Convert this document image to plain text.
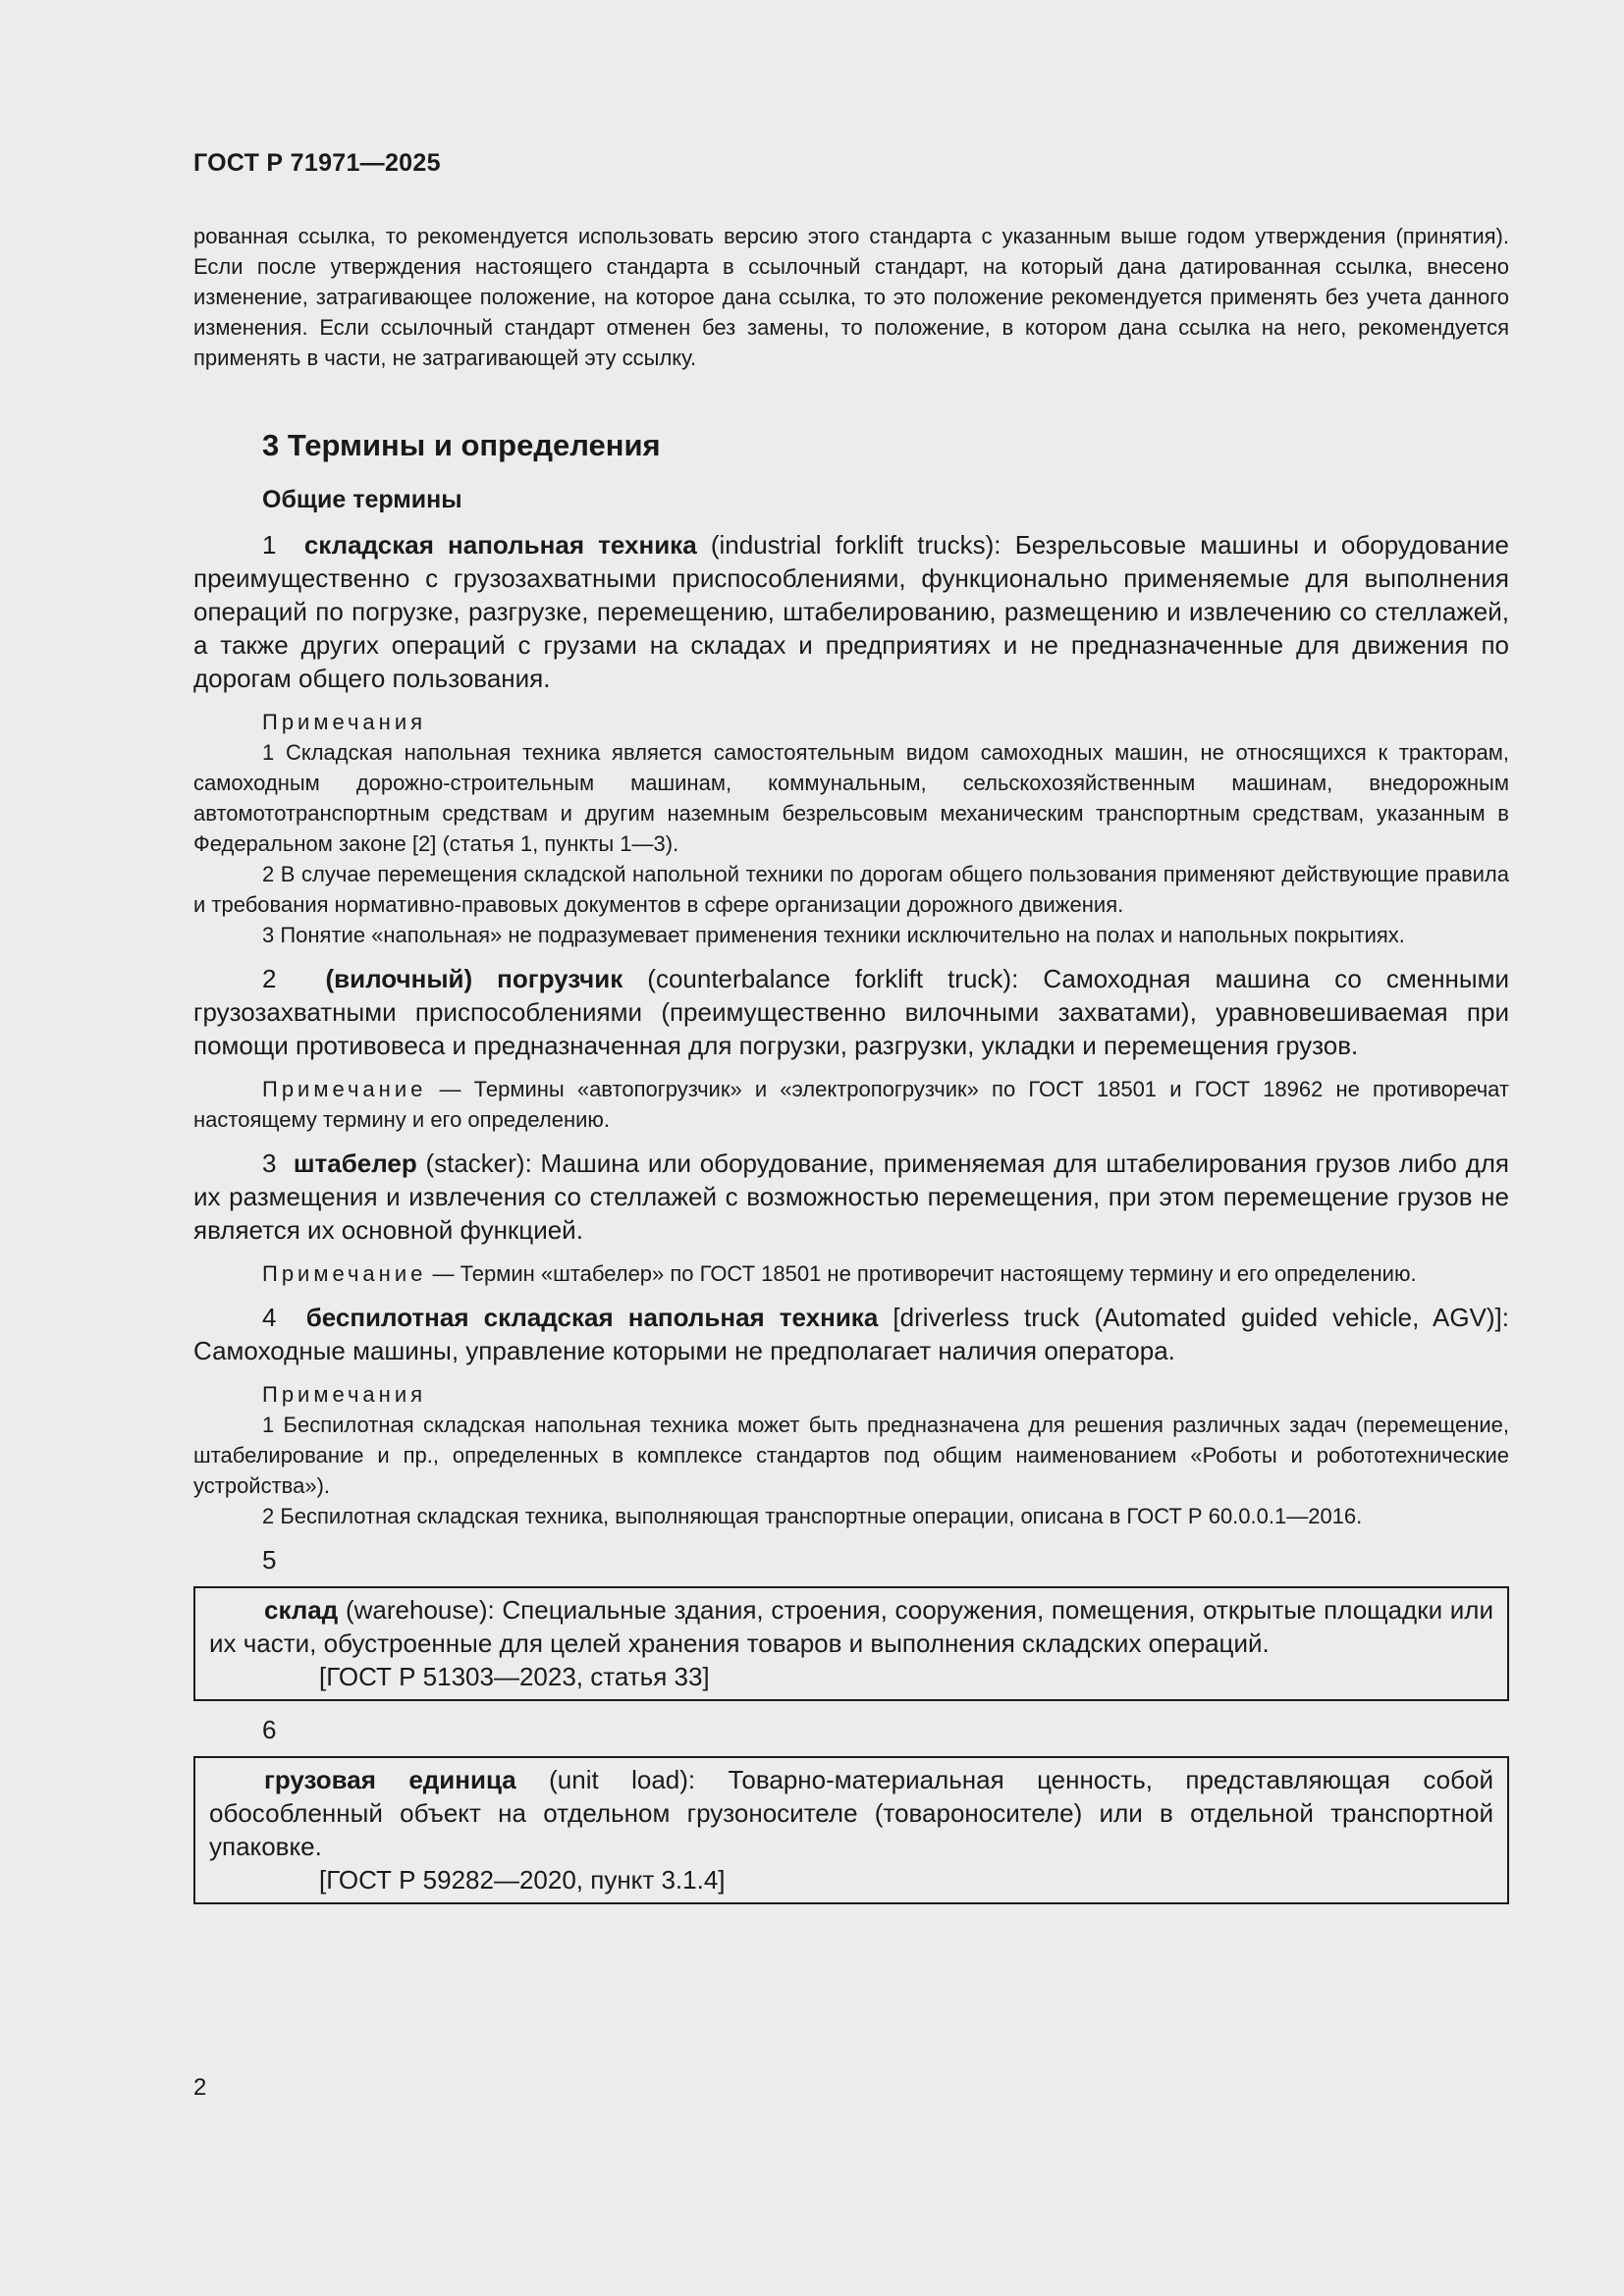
ГОСТ Р 71971—2025

рованная ссылка, то рекомендуется использовать версию этого стандарта с указанным выше годом утверждения (принятия). Если после утверждения настоящего стандарта в ссылочный стандарт, на который дана датированная ссылка, внесено изменение, затрагивающее положение, на которое дана ссылка, то это положение рекомендуется применять без учета данного изменения. Если ссылочный стандарт отменен без замены, то положение, в котором дана ссылка на него, рекомендуется применять в части, не затрагивающей эту ссылку.

3 Термины и определения
Общие термины

1 складская напольная техника (industrial forklift trucks): Безрельсовые машины и оборудование преимущественно с грузозахватными приспособлениями, функционально применяемые для выполнения операций по погрузке, разгрузке, перемещению, штабелированию, размещению и извлечению со стеллажей, а также других операций с грузами на складах и предприятиях и не предназначенные для движения по дорогам общего пользования.

Примечания

1 Складская напольная техника является самостоятельным видом самоходных машин, не относящихся к тракторам, самоходным дорожно-строительным машинам, коммунальным, сельскохозяйственным машинам, внедорожным автомототранспортным средствам и другим наземным безрельсовым механическим транспортным средствам, указанным в Федеральном законе [2] (статья 1, пункты 1—3).

2 В случае перемещения складской напольной техники по дорогам общего пользования применяют действующие правила и требования нормативно-правовых документов в сфере организации дорожного движения.

3 Понятие «напольная» не подразумевает применения техники исключительно на полах и напольных покрытиях.

2 (вилочный) погрузчик (counterbalance forklift truck): Самоходная машина со сменными грузозахватными приспособлениями (преимущественно вилочными захватами), уравновешиваемая при помощи противовеса и предназначенная для погрузки, разгрузки, укладки и перемещения грузов.

Примечание — Термины «автопогрузчик» и «электропогрузчик» по ГОСТ 18501 и ГОСТ 18962 не противоречат настоящему термину и его определению.

3 штабелер (stacker): Машина или оборудование, применяемая для штабелирования грузов либо для их размещения и извлечения со стеллажей с возможностью перемещения, при этом перемещение грузов не является их основной функцией.

Примечание — Термин «штабелер» по ГОСТ 18501 не противоречит настоящему термину и его определению.

4 беспилотная складская напольная техника [driverless truck (Automated guided vehicle, AGV)]: Самоходные машины, управление которыми не предполагает наличия оператора.

Примечания

1 Беспилотная складская напольная техника может быть предназначена для решения различных задач (перемещение, штабелирование и пр., определенных в комплексе стандартов под общим наименованием «Роботы и робототехнические устройства»).

2 Беспилотная складская техника, выполняющая транспортные операции, описана в ГОСТ Р 60.0.0.1—2016.

5

склад (warehouse): Специальные здания, строения, сооружения, помещения, открытые площадки или их части, обустроенные для целей хранения товаров и выполнения складских операций.

[ГОСТ Р 51303—2023, статья 33]

6

грузовая единица (unit load): Товарно-материальная ценность, представляющая собой обособленный объект на отдельном грузоносителе (товароносителе) или в отдельной транспортной упаковке.

[ГОСТ Р 59282—2020, пункт 3.1.4]

2
